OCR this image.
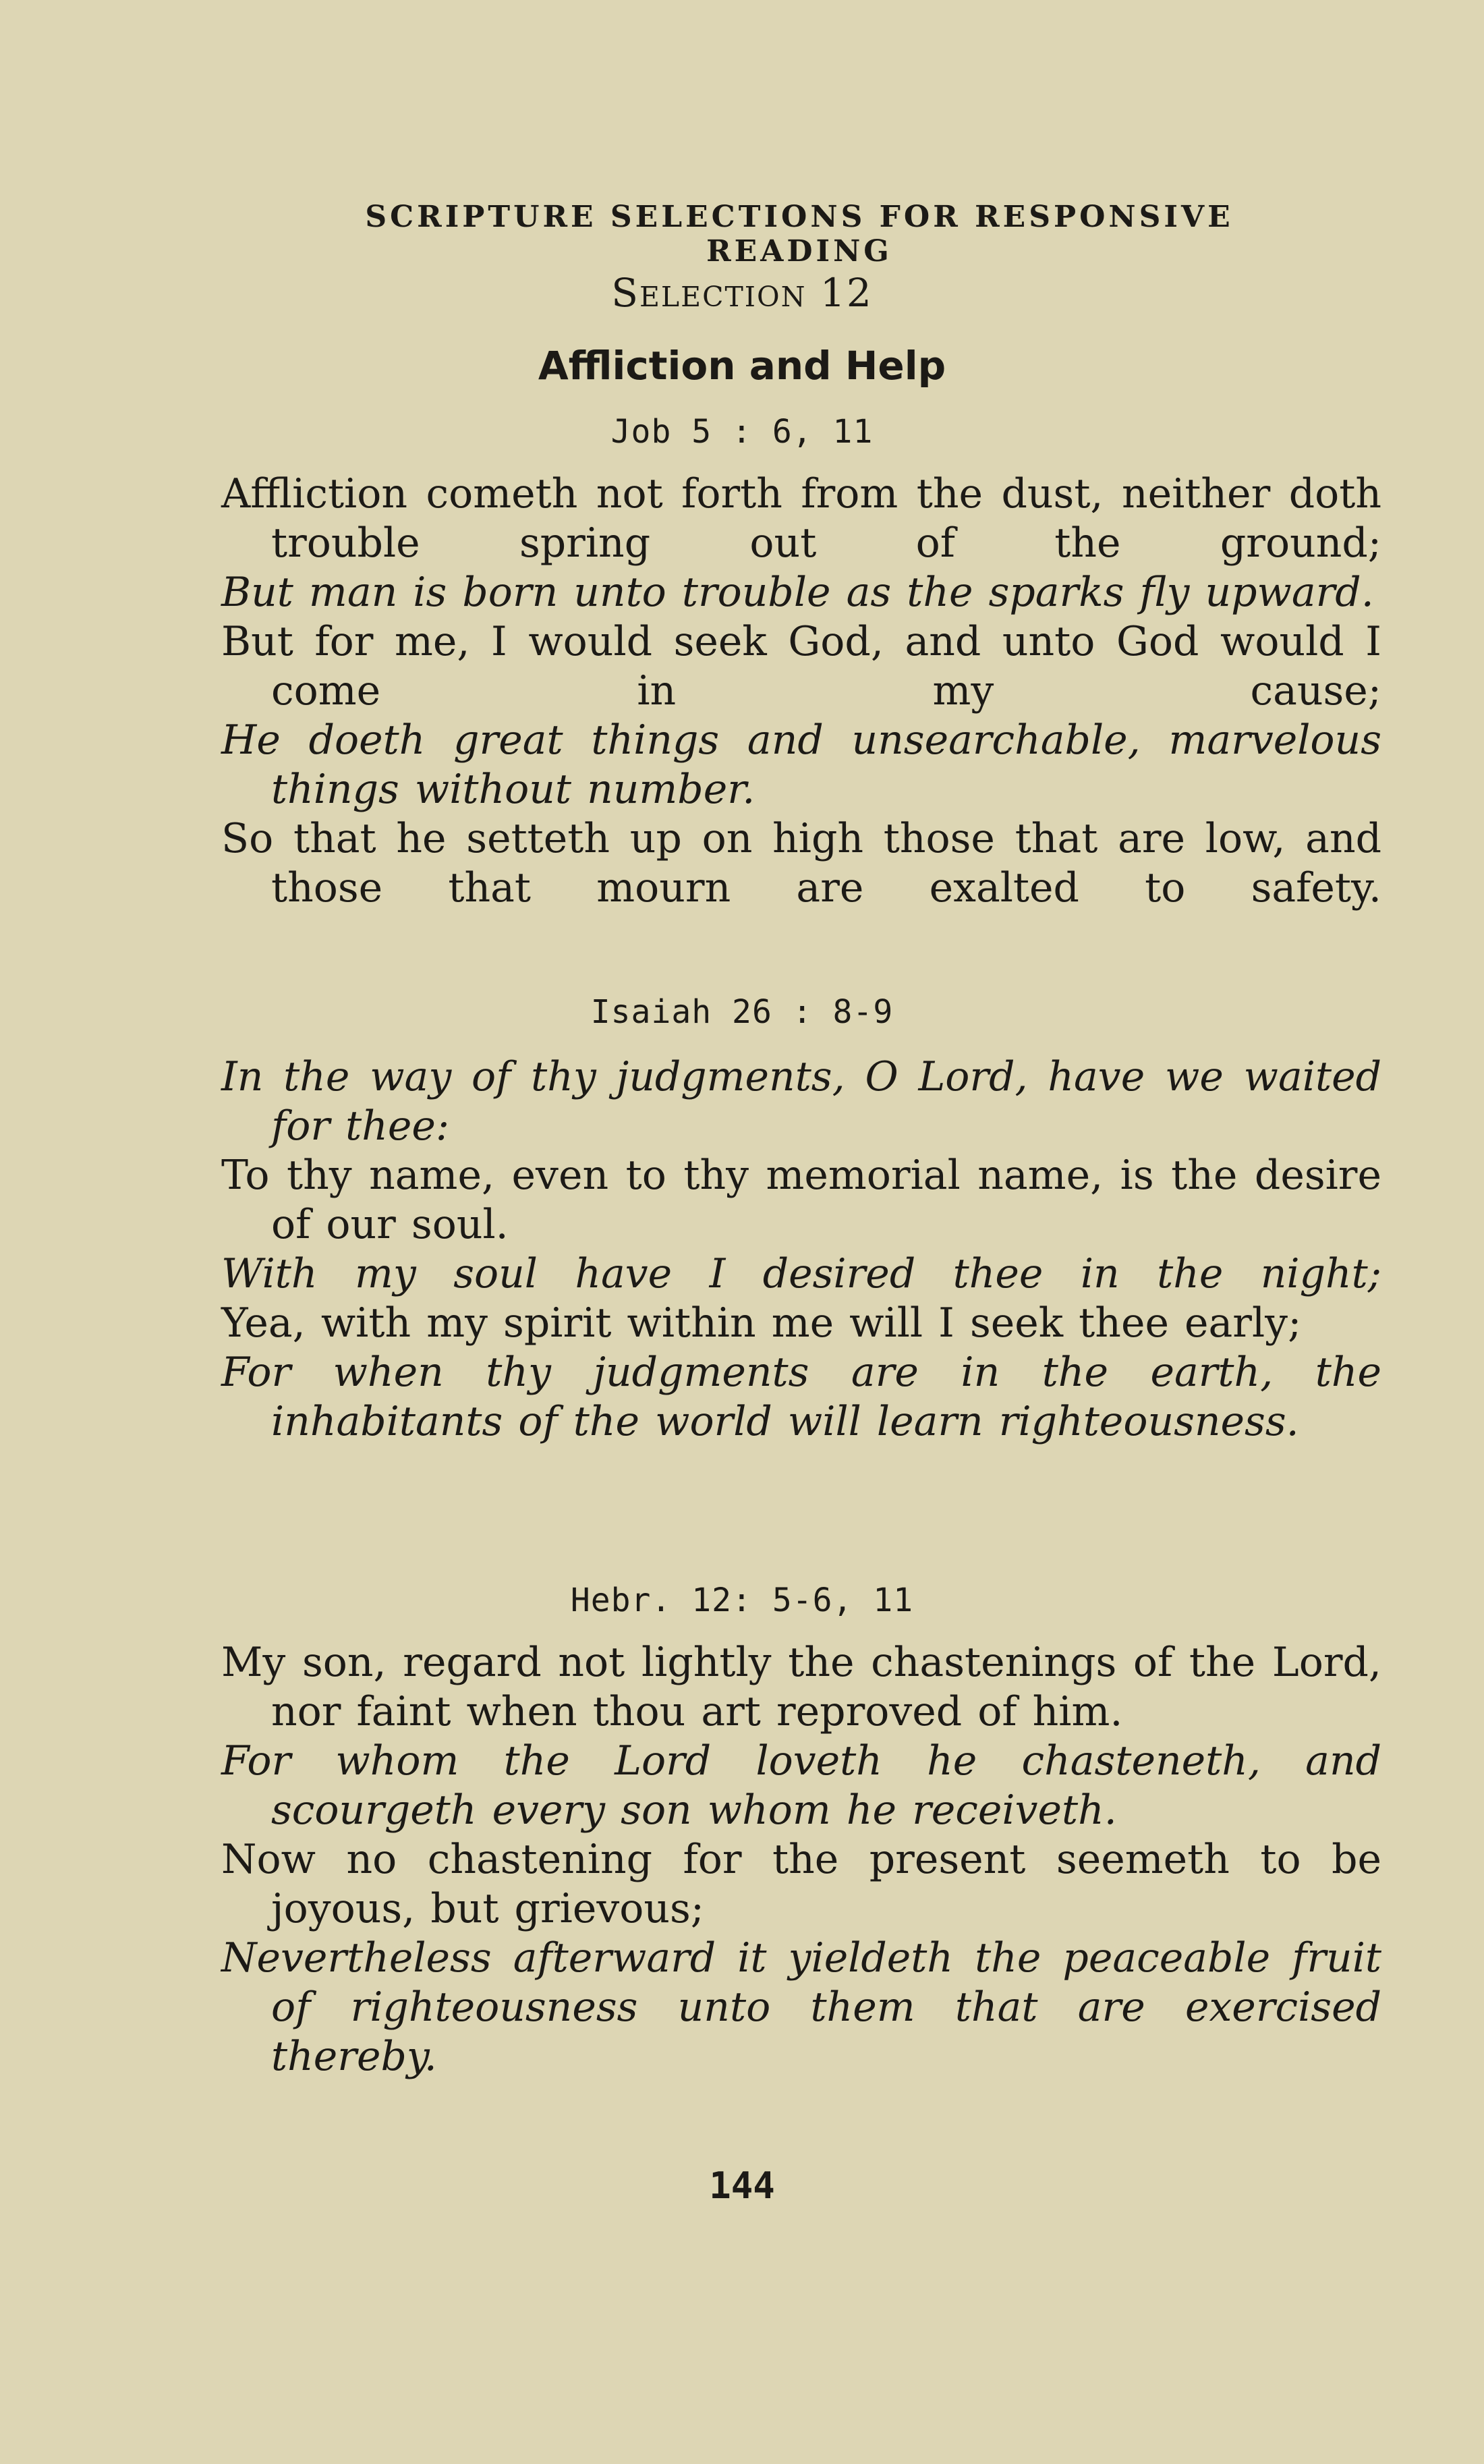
SCRIPTURE SELECTIONS FOR RESPONSIVE READING
Selection 12
Affliction and Help
Job 5 : 6, 11

Affliction cometh not forth from the dust, neither doth trouble spring out of the ground;

But man is born unto trouble as the sparks fly upward.

But for me, I would seek God, and unto God would I come in my cause;

He doeth great things and unsearchable, marvelous things without number.

So that he setteth up on high those that are low, and those that mourn are exalted to safety.

Isaiah 26 : 8-9

In the way of thy judgments, O Lord, have we waited for thee:

To thy name, even to thy memorial name, is the desire of our soul.

With my soul have I desired thee in the night;

Yea, with my spirit within me will I seek thee early;

For when thy judgments are in the earth, the inhabitants of the world will learn righteousness.

Hebr. 12: 5-6, 11

My son, regard not lightly the chastenings of the Lord, nor faint when thou art reproved of him.

For whom the Lord loveth he chasteneth, and scourgeth every son whom he receiveth.

Now no chastening for the present seemeth to be joyous, but grievous;

Nevertheless afterward it yieldeth the peaceable fruit of righteousness unto them that are exercised thereby.

144
